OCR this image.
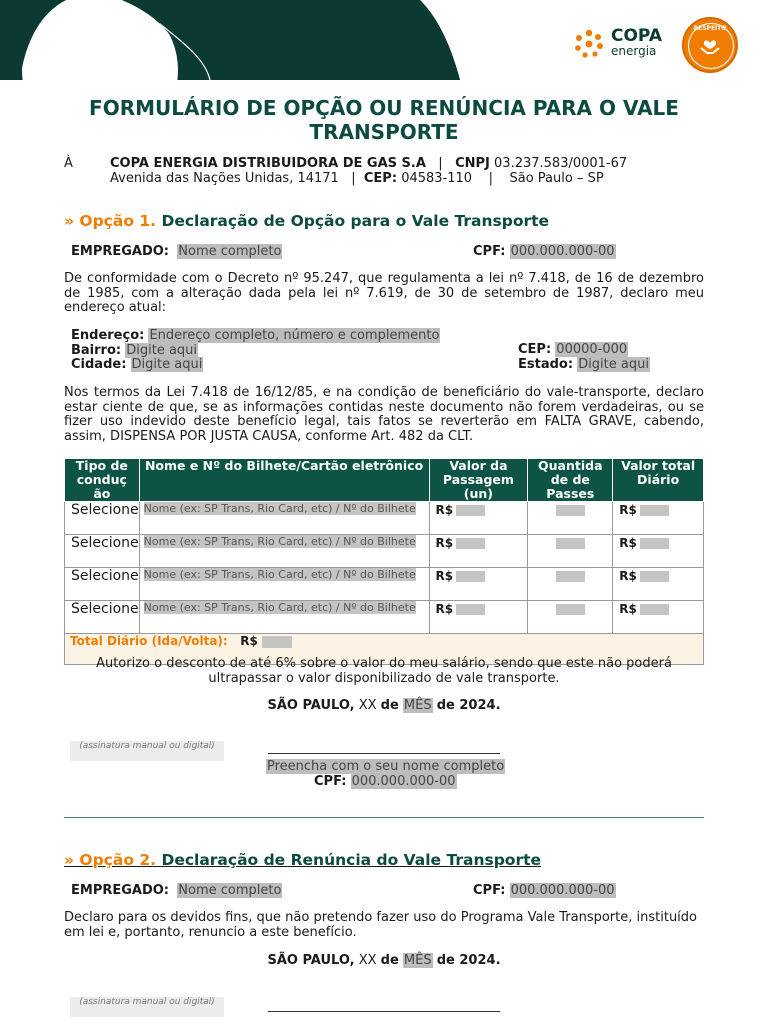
COPA
energia
RESPEITO
FORMULÁRIO DE OPÇÃO OU RENÚNCIA PARA O VALE TRANSPORTE
À	COPA ENERGIA DISTRIBUIDORA DE GAS S.A | CNPJ 03.237.583/0001-67
Avenida das Nações Unidas, 14171 | CEP: 04583-110 | São Paulo – SP
» Opção 1. Declaração de Opção para o Vale Transporte
EMPREGADO: Nome completo	CPF: 000.000.000-00
De conformidade com o Decreto nº 95.247, que regulamenta a lei nº 7.418, de 16 de dezembro de 1985, com a alteração dada pela lei nº 7.619, de 30 de setembro de 1987, declaro meu endereço atual:
Endereço: Endereço completo, número e complemento
Bairro: Digite aqui
Cidade: Digite aqui
CEP: 00000-000
Estado: Digite aqui
Nos termos da Lei 7.418 de 16/12/85, e na condição de beneficiário do vale-transporte, declaro estar ciente de que, se as informações contidas neste documento não forem verdadeiras, ou se fizer uso indevido deste benefício legal, tais fatos se reverterão em FALTA GRAVE, cabendo, assim, DISPENSA POR JUSTA CAUSA, conforme Art. 482 da CLT.
Tipo de conduç ão	Nome e Nº do Bilhete/Cartão eletrônico	Valor da Passagem (un)	Quantida de de Passes	Valor total Diário
Selecione	Nome (ex: SP Trans, Rio Card, etc) / Nº do Bilhete	R$		R$
Selecione	Nome (ex: SP Trans, Rio Card, etc) / Nº do Bilhete	R$		R$
Selecione	Nome (ex: SP Trans, Rio Card, etc) / Nº do Bilhete	R$		R$
Selecione	Nome (ex: SP Trans, Rio Card, etc) / Nº do Bilhete	R$		R$
Total Diário (Ida/Volta): R$				
Autorizo o desconto de até 6% sobre o valor do meu salário, sendo que este não poderá ultrapassar o valor disponibilizado de vale transporte.
SÃO PAULO, XX de MÊS de 2024.
(assinatura manual ou digital)
Preencha com o seu nome completo
CPF: 000.000.000-00
» Opção 2. Declaração de Renúncia do Vale Transporte
EMPREGADO: Nome completo	CPF: 000.000.000-00
Declaro para os devidos fins, que não pretendo fazer uso do Programa Vale Transporte, instituído em lei e, portanto, renuncio a este benefício.
SÃO PAULO, XX de MÊS de 2024.
(assinatura manual ou digital)
